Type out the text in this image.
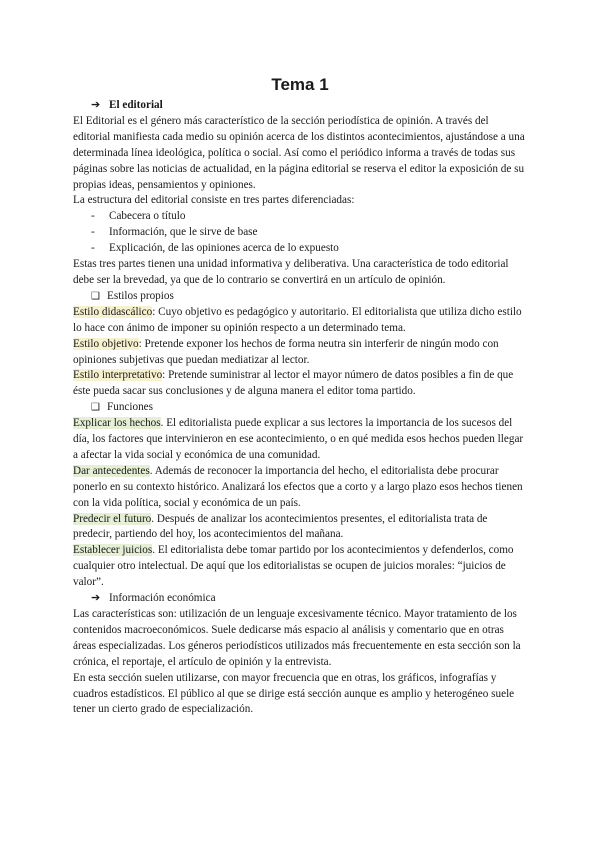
Tema 1

➔ El editorial

El Editorial es el género más característico de la sección periodística de opinión. A través del editorial manifiesta cada medio su opinión acerca de los distintos acontecimientos, ajustándose a una determinada línea ideológica, política o social. Así como el periódico informa a través de todas sus páginas sobre las noticias de actualidad, en la página editorial se reserva el editor la exposición de su propias ideas, pensamientos y opiniones.

La estructura del editorial consiste en tres partes diferenciadas:

- Cabecera o título
- Información, que le sirve de base
- Explicación, de las opiniones acerca de lo expuesto

Estas tres partes tienen una unidad informativa y deliberativa. Una característica de todo editorial debe ser la brevedad, ya que de lo contrario se convertirá en un artículo de opinión.

❑ Estilos propios

Estilo didascálico: Cuyo objetivo es pedagógico y autoritario. El editorialista que utiliza dicho estilo lo hace con ánimo de imponer su opinión respecto a un determinado tema.

Estilo objetivo: Pretende exponer los hechos de forma neutra sin interferir de ningún modo con opiniones subjetivas que puedan mediatizar al lector.

Estilo interpretativo: Pretende suministrar al lector el mayor número de datos posibles a fin de que éste pueda sacar sus conclusiones y de alguna manera el editor toma partido.

❑ Funciones

Explicar los hechos. El editorialista puede explicar a sus lectores la importancia de los sucesos del día, los factores que intervinieron en ese acontecimiento, o en qué medida esos hechos pueden llegar a afectar la vida social y económica de una comunidad.

Dar antecedentes. Además de reconocer la importancia del hecho, el editorialista debe procurar ponerlo en su contexto histórico. Analizará los efectos que a corto y a largo plazo esos hechos tienen con la vida política, social y económica de un país.

Predecir el futuro. Después de analizar los acontecimientos presentes, el editorialista trata de predecir, partiendo del hoy, los acontecimientos del mañana.

Establecer juicios. El editorialista debe tomar partido por los acontecimientos y defenderlos, como cualquier otro intelectual. De aquí que los editorialistas se ocupen de juicios morales: “juicios de valor”.

➔ Información económica

Las características son: utilización de un lenguaje excesivamente técnico. Mayor tratamiento de los contenidos macroeconómicos. Suele dedicarse más espacio al análisis y comentario que en otras áreas especializadas. Los géneros periodísticos utilizados más frecuentemente en esta sección son la crónica, el reportaje, el artículo de opinión y la entrevista.

En esta sección suelen utilizarse, con mayor frecuencia que en otras, los gráficos, infografías y cuadros estadísticos. El público al que se dirige está sección aunque es amplio y heterogéneo suele tener un cierto grado de especialización.
